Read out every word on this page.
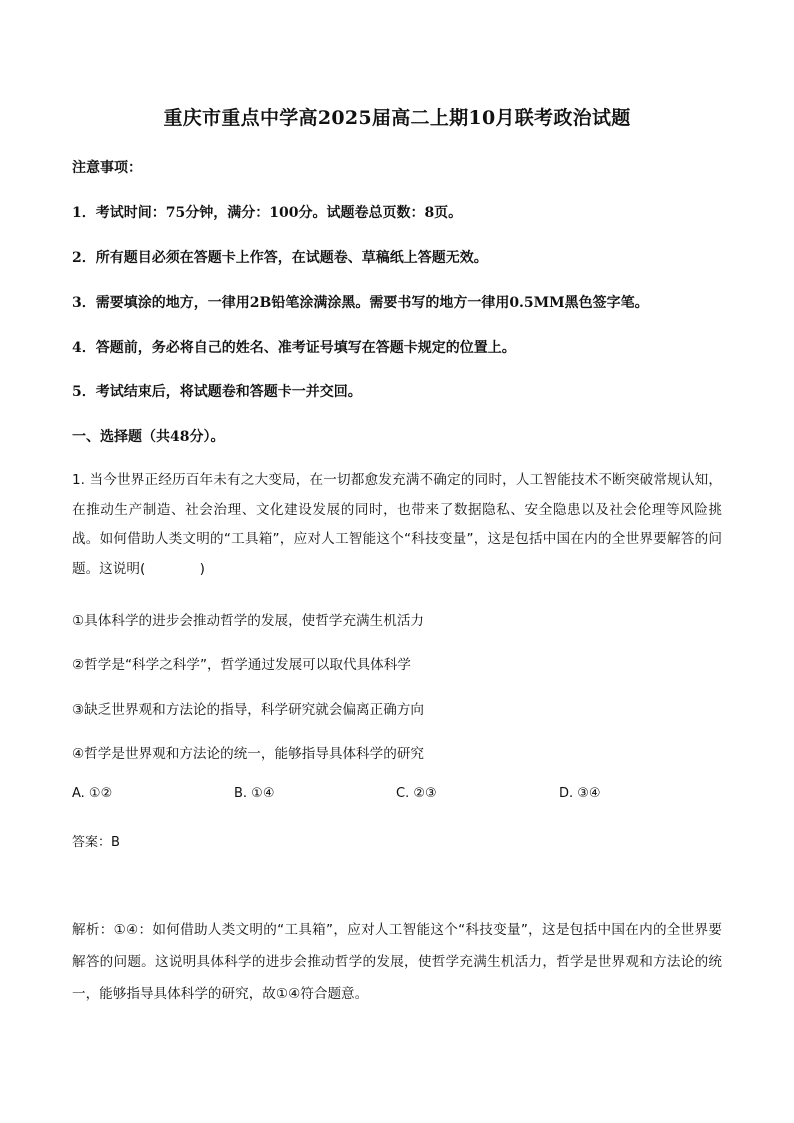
重庆市重点中学高2025届高二上期10月联考政治试题
注意事项：
1．考试时间：75分钟，满分：100分。试题卷总页数：8页。
2．所有题目必须在答题卡上作答，在试题卷、草稿纸上答题无效。
3．需要填涂的地方，一律用2B铅笔涂满涂黑。需要书写的地方一律用0.5MM黑色签字笔。
4．答题前，务必将自己的姓名、准考证号填写在答题卡规定的位置上。
5．考试结束后，将试题卷和答题卡一并交回。
一、选择题（共48分）。
1. 当今世界正经历百年未有之大变局，在一切都愈发充满不确定的同时，人工智能技术不断突破常规认知，在推动生产制造、社会治理、文化建设发展的同时，也带来了数据隐私、安全隐患以及社会伦理等风险挑战。如何借助人类文明的“工具箱”，应对人工智能这个“科技变量”，这是包括中国在内的全世界要解答的问题。这说明(　　　　)
①具体科学的进步会推动哲学的发展，使哲学充满生机活力
②哲学是“科学之科学”，哲学通过发展可以取代具体科学
③缺乏世界观和方法论的指导，科学研究就会偏离正确方向
④哲学是世界观和方法论的统一，能够指导具体科学的研究
A. ①②	B. ①④	C. ②③	D. ③④
答案：B
解析：①④：如何借助人类文明的“工具箱”，应对人工智能这个“科技变量”，这是包括中国在内的全世界要解答的问题。这说明具体科学的进步会推动哲学的发展，使哲学充满生机活力，哲学是世界观和方法论的统一，能够指导具体科学的研究，故①④符合题意。
